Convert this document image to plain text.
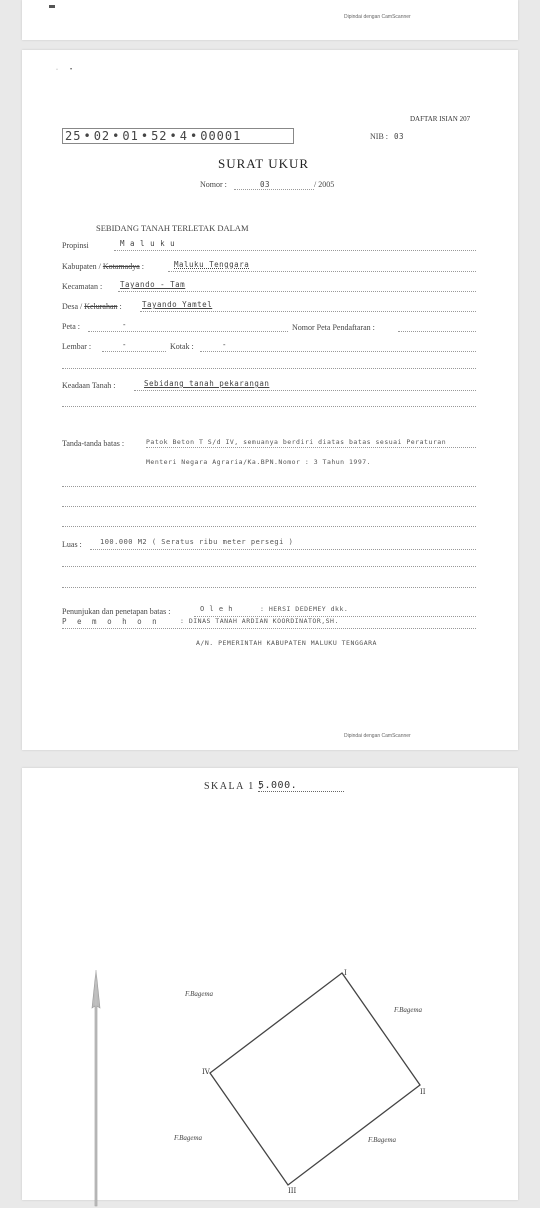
Dipindai dengan CamScanner
·        •
DAFTAR ISIAN 207
25 • 02 • 01 • 52 • 4 • 00001	NIB : 03
SURAT UKUR
Nomor :	03	/ 2005
SEBIDANG TANAH TERLETAK DALAM
Propinsi	M a l u k u
Kabupaten / Kotamadya :	Maluku Tenggara
Kecamatan : Tayando - Tam
Desa / Kelurahan :	Tayando Yamtel
Peta :	-	Nomor Peta Pendaftaran :
Lembar :	-	Kotak :	-
Keadaan Tanah :	Sebidang tanah pekarangan
Tanda-tanda batas :	Patok Beton T S/d IV, semuanya berdiri diatas batas sesuai Peraturan
Menteri Negara Agraria/Ka.BPN.Nomor : 3 Tahun 1997.
Luas :	100.000 M2 ( Seratus ribu meter persegi )
Penunjukan dan penetapan batas :	O l e h	: HERSI DEDEMEY dkk.
P e m o h o n	: DINAS TANAH ARDIAN KOORDINATOR,SH.
A/N. PEMERINTAH KABUPATEN MALUKU TENGGARA
Dipindai dengan CamScanner
SKALA 1 :
5.000.
I
II
III
IV
F.Bagema
F.Bagema
F.Bagema	F.Bagema
